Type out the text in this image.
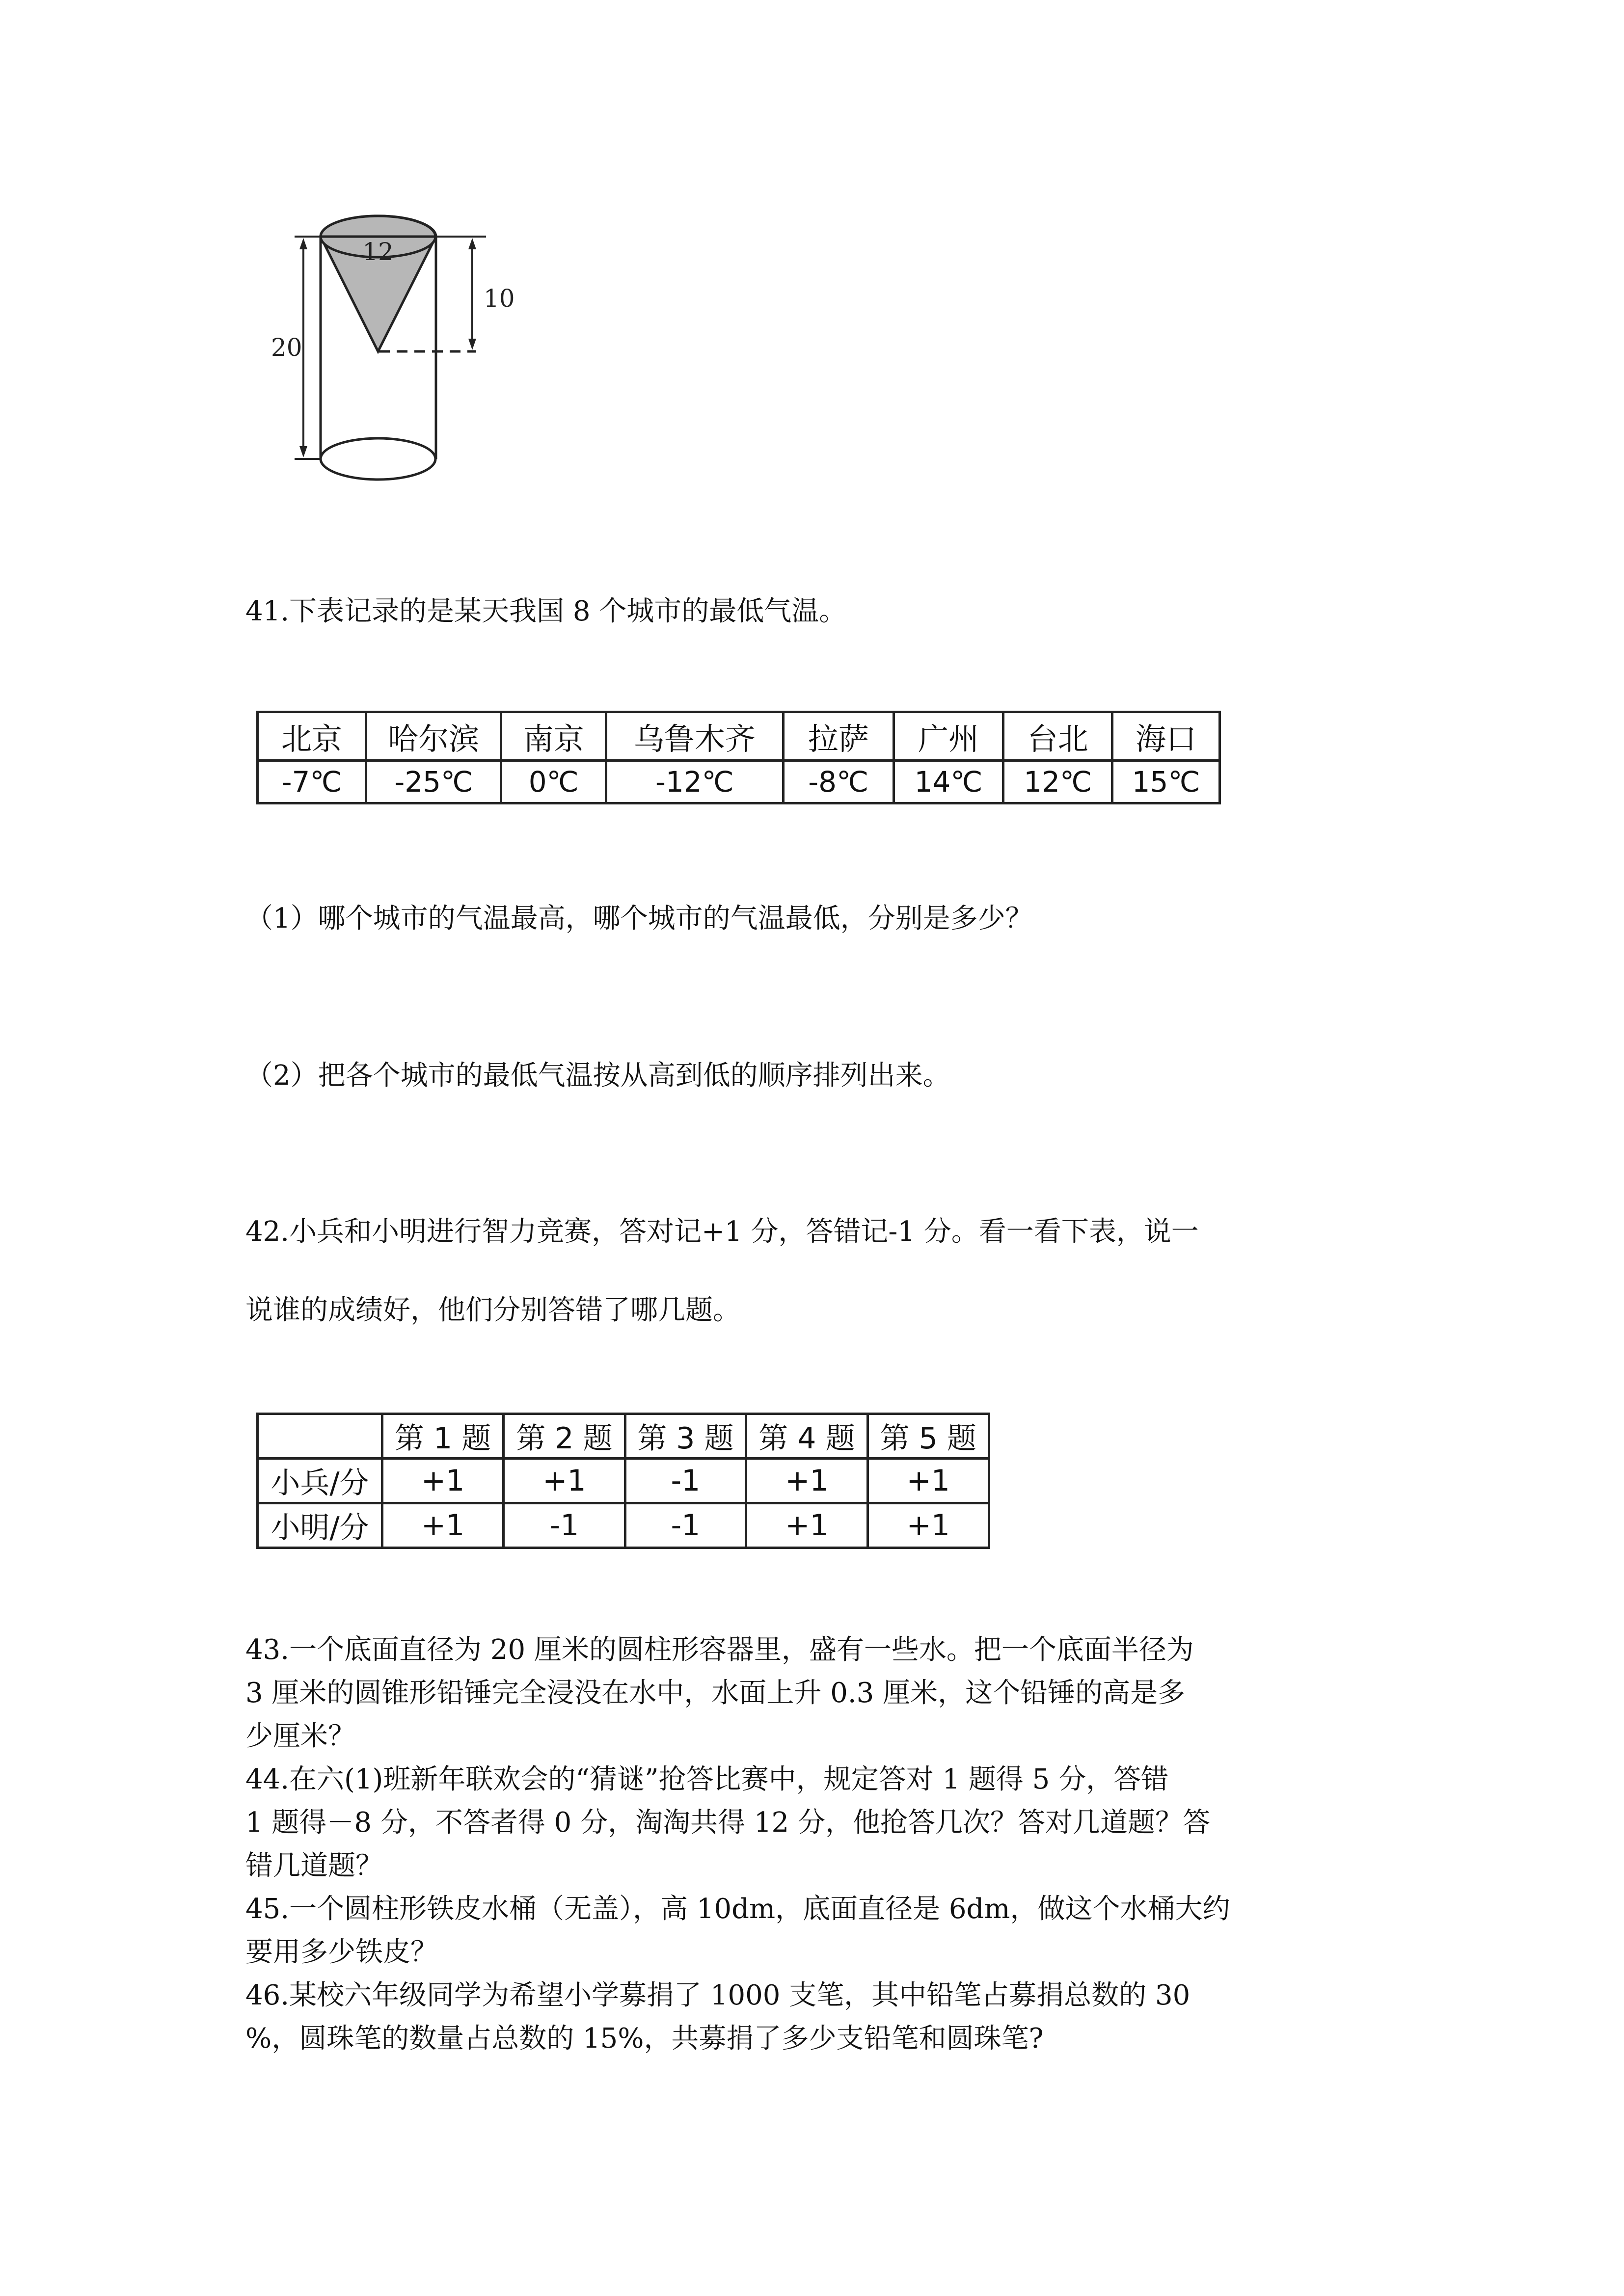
12
10
20
41.下表记录的是某天我国 8 个城市的最低气温。
北京	哈尔滨	南京	乌鲁木齐	拉萨	广州	台北	海口
-7℃	-25℃	0℃	-12℃	-8℃	14℃	12℃	15℃
（1）哪个城市的气温最高，哪个城市的气温最低，分别是多少？
（2）把各个城市的最低气温按从高到低的顺序排列出来。
42.小兵和小明进行智力竞赛，答对记+1 分，答错记-1 分。看一看下表，说一
说谁的成绩好，他们分别答错了哪几题。
	第 1 题	第 2 题	第 3 题	第 4 题	第 5 题
小兵/分	+1	+1	-1	+1	+1
小明/分	+1	-1	-1	+1	+1
43.一个底面直径为 20 厘米的圆柱形容器里，盛有一些水。把一个底面半径为
3 厘米的圆锥形铅锤完全浸没在水中，水面上升 0.3 厘米，这个铅锤的高是多
少厘米？
44.在六(1)班新年联欢会的“猜谜”抢答比赛中，规定答对 1 题得 5 分，答错
1 题得－8 分，不答者得 0 分，淘淘共得 12 分，他抢答几次？答对几道题？答
错几道题？
45.一个圆柱形铁皮水桶（无盖），高 10dm，底面直径是 6dm，做这个水桶大约
要用多少铁皮？
46.某校六年级同学为希望小学募捐了 1000 支笔，其中铅笔占募捐总数的 30
%，圆珠笔的数量占总数的 15%，共募捐了多少支铅笔和圆珠笔?
